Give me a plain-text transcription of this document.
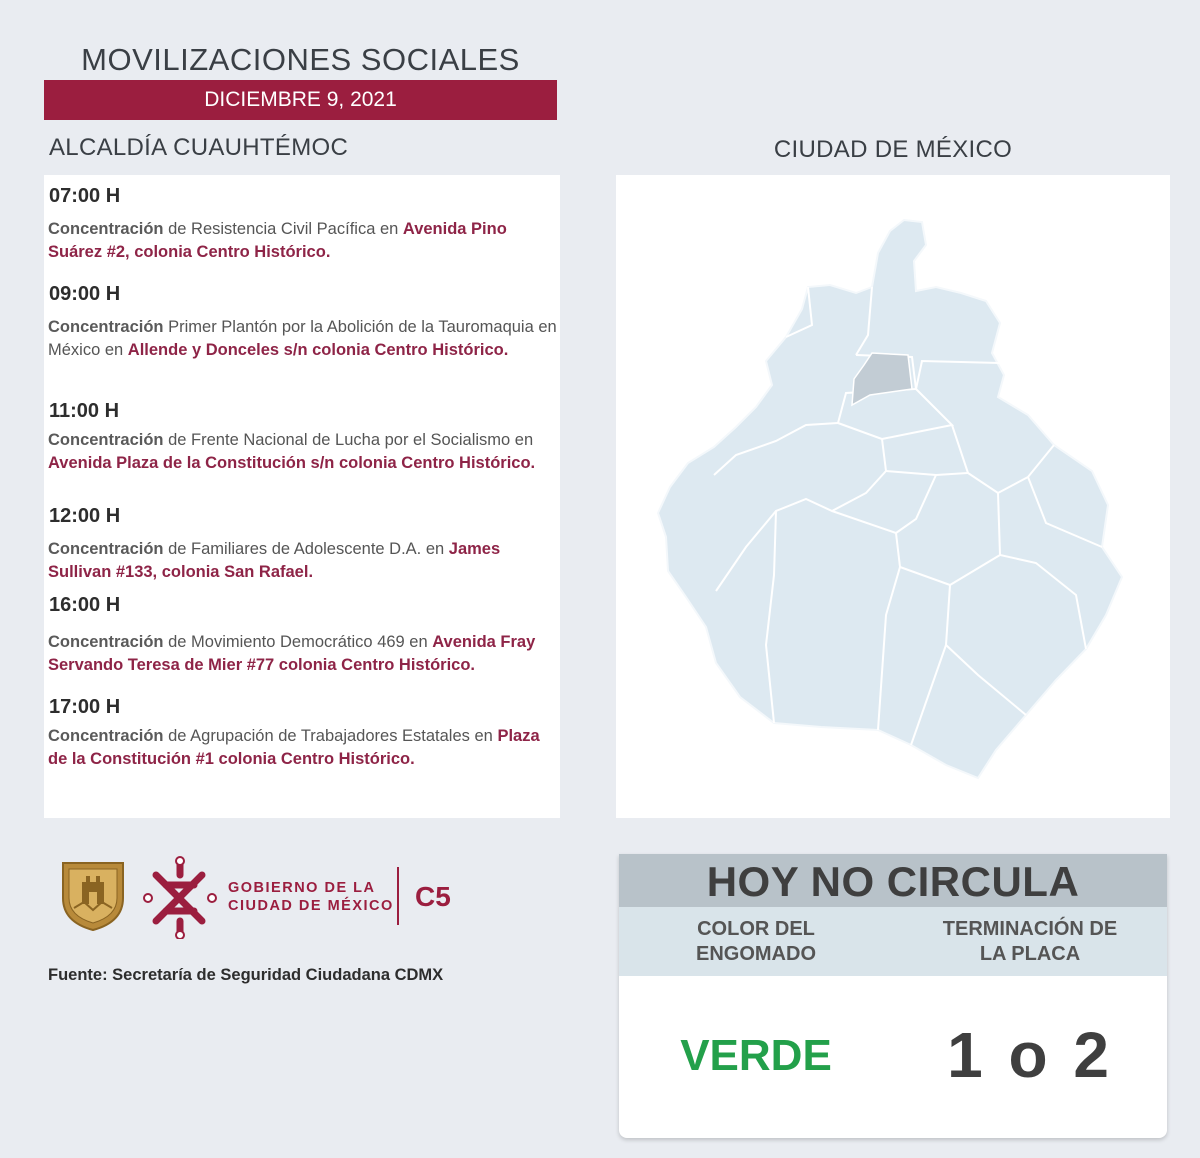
MOVILIZACIONES SOCIALES
DICIEMBRE 9, 2021
ALCALDÍA CUAUHTÉMOC	CIUDAD DE MÉXICO
07:00 H
Concentración de Resistencia Civil Pacífica en Avenida Pino Suárez #2, colonia Centro Histórico.
09:00 H
Concentración Primer Plantón por la Abolición de la Tauromaquia en México en Allende y Donceles s/n colonia Centro Histórico.
11:00 H
Concentración de Frente Nacional de Lucha por el Socialismo en Avenida Plaza de la Constitución s/n colonia Centro Histórico.
12:00 H
Concentración de Familiares de Adolescente D.A. en James Sullivan #133, colonia San Rafael.
16:00 H
Concentración de Movimiento Democrático 469 en Avenida Fray Servando Teresa de Mier #77 colonia Centro Histórico.
17:00 H
Concentración de Agrupación de Trabajadores Estatales en Plaza de la Constitución #1 colonia Centro Histórico.
GOBIERNO DE LA
CIUDAD DE MÉXICO C5
Fuente: Secretaría de Seguridad Ciudadana CDMX
HOY NO CIRCULA
COLOR DEL
ENGOMADO
TERMINACIÓN DE
LA PLACA
VERDE	1 o 2
